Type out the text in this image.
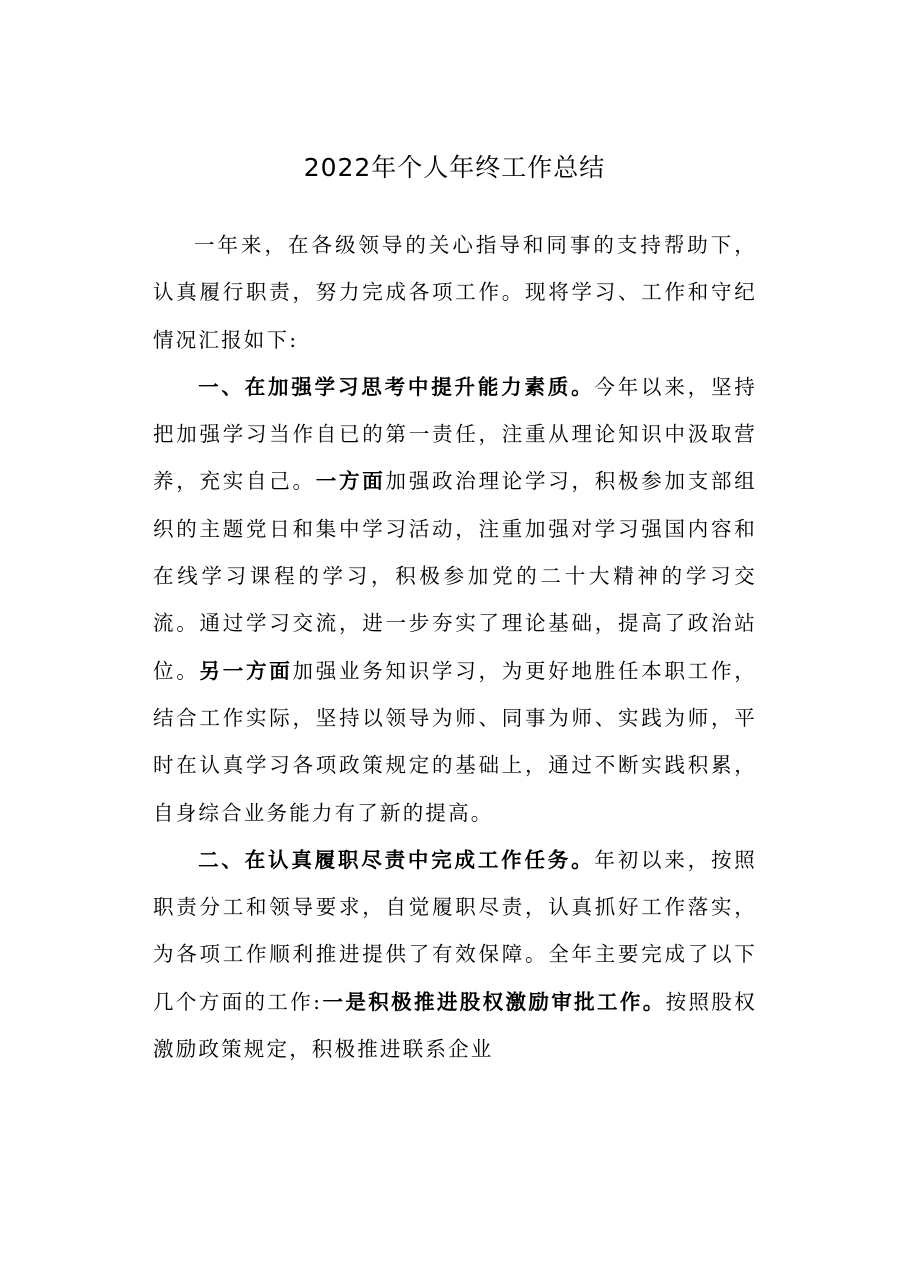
2022年个人年终工作总结

一年来，在各级领导的关心指导和同事的支持帮助下，认真履行职责，努力完成各项工作。现将学习、工作和守纪情况汇报如下:

一、在加强学习思考中提升能力素质。今年以来，坚持把加强学习当作自已的第一责任，注重从理论知识中汲取营养，充实自己。一方面加强政治理论学习，积极参加支部组织的主题党日和集中学习活动，注重加强对学习强国内容和在线学习课程的学习，积极参加党的二十大精神的学习交流。通过学习交流，进一步夯实了理论基础，提高了政治站位。另一方面加强业务知识学习，为更好地胜任本职工作，结合工作实际，坚持以领导为师、同事为师、实践为师，平时在认真学习各项政策规定的基础上，通过不断实践积累，自身综合业务能力有了新的提高。

二、在认真履职尽责中完成工作任务。年初以来，按照职责分工和领导要求，自觉履职尽责，认真抓好工作落实，为各项工作顺利推进提供了有效保障。全年主要完成了以下几个方面的工作:一是积极推进股权激励审批工作。按照股权激励政策规定，积极推进联系企业
